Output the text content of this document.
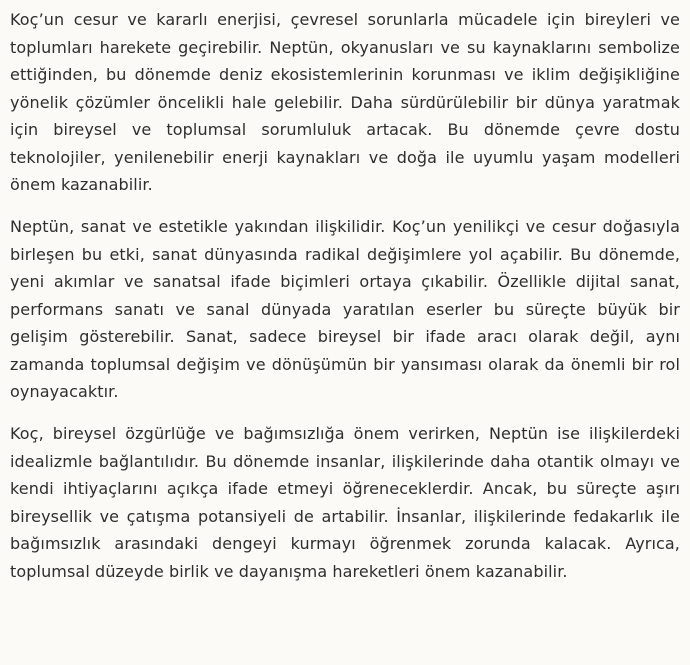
Koç’un cesur ve kararlı enerjisi, çevresel sorunlarla mücadele için bireyleri ve toplumları harekete geçirebilir. Neptün, okyanusları ve su kaynaklarını sembolize ettiğinden, bu dönemde deniz ekosistemlerinin korunması ve iklim değişikliğine yönelik çözümler öncelikli hale gelebilir. Daha sürdürülebilir bir dünya yaratmak için bireysel ve toplumsal sorumluluk artacak. Bu dönemde çevre dostu teknolojiler, yenilenebilir enerji kaynakları ve doğa ile uyumlu yaşam modelleri önem kazanabilir.

Neptün, sanat ve estetikle yakından ilişkilidir. Koç’un yenilikçi ve cesur doğasıyla birleşen bu etki, sanat dünyasında radikal değişimlere yol açabilir. Bu dönemde, yeni akımlar ve sanatsal ifade biçimleri ortaya çıkabilir. Özellikle dijital sanat, performans sanatı ve sanal dünyada yaratılan eserler bu süreçte büyük bir gelişim gösterebilir. Sanat, sadece bireysel bir ifade aracı olarak değil, aynı zamanda toplumsal değişim ve dönüşümün bir yansıması olarak da önemli bir rol oynayacaktır.

Koç, bireysel özgürlüğe ve bağımsızlığa önem verirken, Neptün ise ilişkilerdeki idealizmle bağlantılıdır. Bu dönemde insanlar, ilişkilerinde daha otantik olmayı ve kendi ihtiyaçlarını açıkça ifade etmeyi öğreneceklerdir. Ancak, bu süreçte aşırı bireysellik ve çatışma potansiyeli de artabilir. İnsanlar, ilişkilerinde fedakarlık ile bağımsızlık arasındaki dengeyi kurmayı öğrenmek zorunda kalacak. Ayrıca, toplumsal düzeyde birlik ve dayanışma hareketleri önem kazanabilir.
